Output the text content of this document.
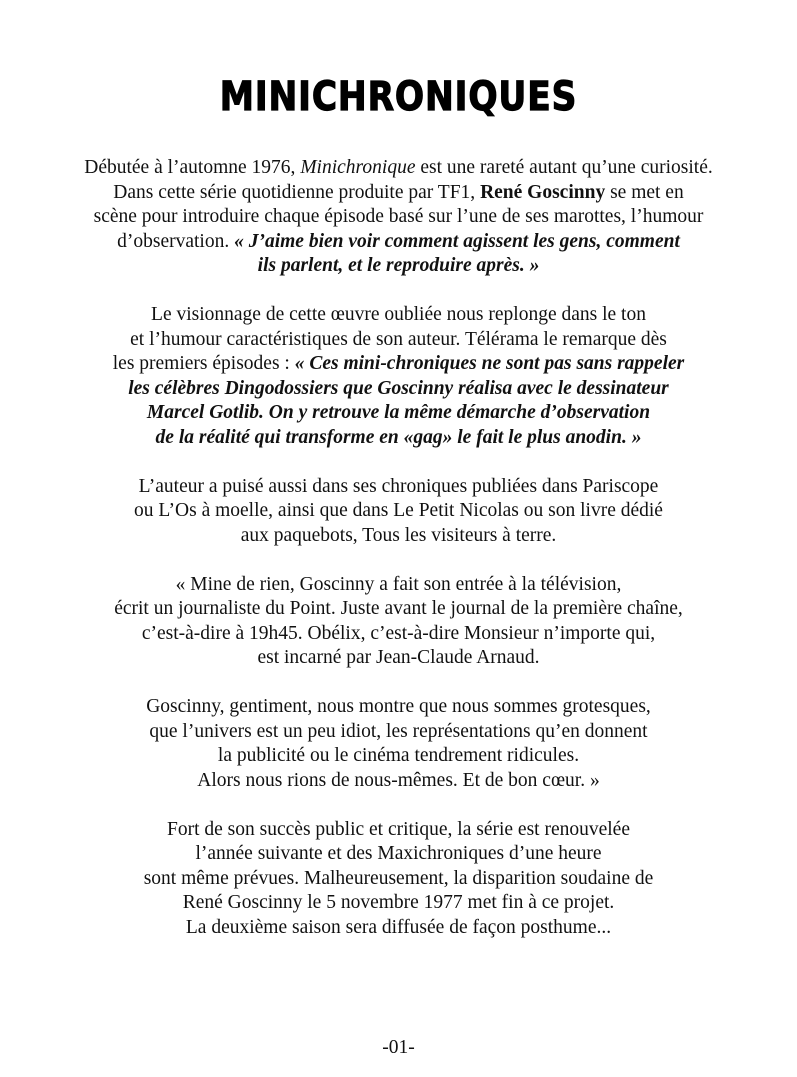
MINICHRONIQUES

Débutée à l’automne 1976, Minichronique est une rareté autant qu’une curiosité.
Dans cette série quotidienne produite par TF1, René Goscinny se met en
scène pour introduire chaque épisode basé sur l’une de ses marottes, l’humour
d’observation. « J’aime bien voir comment agissent les gens, comment
ils parlent, et le reproduire après. »

Le visionnage de cette œuvre oubliée nous replonge dans le ton
et l’humour caractéristiques de son auteur. Télérama le remarque dès
les premiers épisodes : « Ces mini-chroniques ne sont pas sans rappeler
les célèbres Dingodossiers que Goscinny réalisa avec le dessinateur
Marcel Gotlib. On y retrouve la même démarche d’observation
de la réalité qui transforme en «gag» le fait le plus anodin. »

L’auteur a puisé aussi dans ses chroniques publiées dans Pariscope
ou L’Os à moelle, ainsi que dans Le Petit Nicolas ou son livre dédié
aux paquebots, Tous les visiteurs à terre.

« Mine de rien, Goscinny a fait son entrée à la télévision,
écrit un journaliste du Point. Juste avant le journal de la première chaîne,
c’est-à-dire à 19h45. Obélix, c’est-à-dire Monsieur n’importe qui,
est incarné par Jean-Claude Arnaud.

Goscinny, gentiment, nous montre que nous sommes grotesques,
que l’univers est un peu idiot, les représentations qu’en donnent
la publicité ou le cinéma tendrement ridicules.
Alors nous rions de nous-mêmes. Et de bon cœur. »

Fort de son succès public et critique, la série est renouvelée
l’année suivante et des Maxichroniques d’une heure
sont même prévues. Malheureusement, la disparition soudaine de
René Goscinny le 5 novembre 1977 met fin à ce projet.
La deuxième saison sera diffusée de façon posthume...

-01-
